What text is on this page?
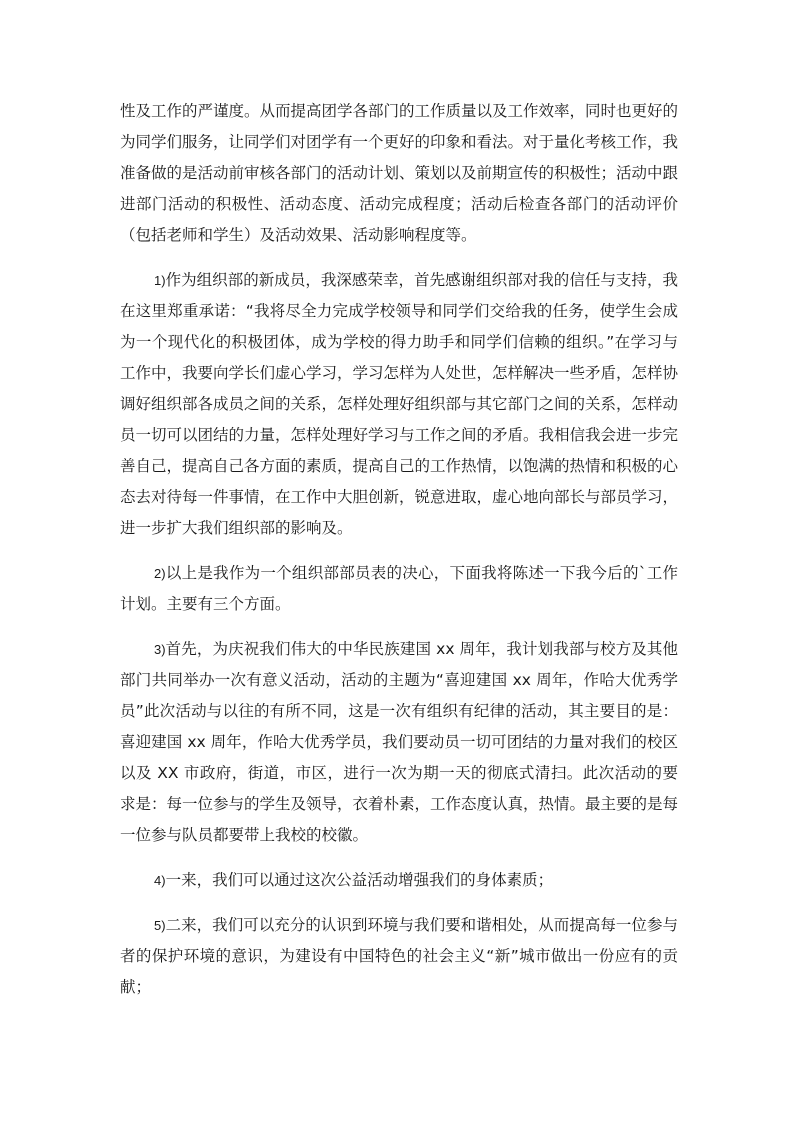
性及工作的严谨度。从而提高团学各部门的工作质量以及工作效率，同时也更好的为同学们服务，让同学们对团学有一个更好的印象和看法。对于量化考核工作，我准备做的是活动前审核各部门的活动计划、策划以及前期宣传的积极性；活动中跟进部门活动的积极性、活动态度、活动完成程度；活动后检查各部门的活动评价（包括老师和学生）及活动效果、活动影响程度等。

1)作为组织部的新成员，我深感荣幸，首先感谢组织部对我的信任与支持，我在这里郑重承诺：“我将尽全力完成学校领导和同学们交给我的任务，使学生会成为一个现代化的积极团体，成为学校的得力助手和同学们信赖的组织。”在学习与工作中，我要向学长们虚心学习，学习怎样为人处世，怎样解决一些矛盾，怎样协调好组织部各成员之间的关系，怎样处理好组织部与其它部门之间的关系，怎样动员一切可以团结的力量，怎样处理好学习与工作之间的矛盾。我相信我会进一步完善自己，提高自己各方面的素质，提高自己的工作热情，以饱满的热情和积极的心态去对待每一件事情，在工作中大胆创新，锐意进取，虚心地向部长与部员学习，进一步扩大我们组织部的影响及。

2)以上是我作为一个组织部部员表的决心，下面我将陈述一下我今后的`工作计划。主要有三个方面。

3)首先，为庆祝我们伟大的中华民族建国 xx 周年，我计划我部与校方及其他部门共同举办一次有意义活动，活动的主题为“喜迎建国 xx 周年，作哈大优秀学员”此次活动与以往的有所不同，这是一次有组织有纪律的活动，其主要目的是：喜迎建国 xx 周年，作哈大优秀学员，我们要动员一切可团结的力量对我们的校区以及 XX 市政府，街道，市区，进行一次为期一天的彻底式清扫。此次活动的要求是：每一位参与的学生及领导，衣着朴素，工作态度认真，热情。最主要的是每一位参与队员都要带上我校的校徽。

4)一来，我们可以通过这次公益活动增强我们的身体素质；

5)二来，我们可以充分的认识到环境与我们要和谐相处，从而提高每一位参与者的保护环境的意识，为建设有中国特色的社会主义“新”城市做出一份应有的贡献；
